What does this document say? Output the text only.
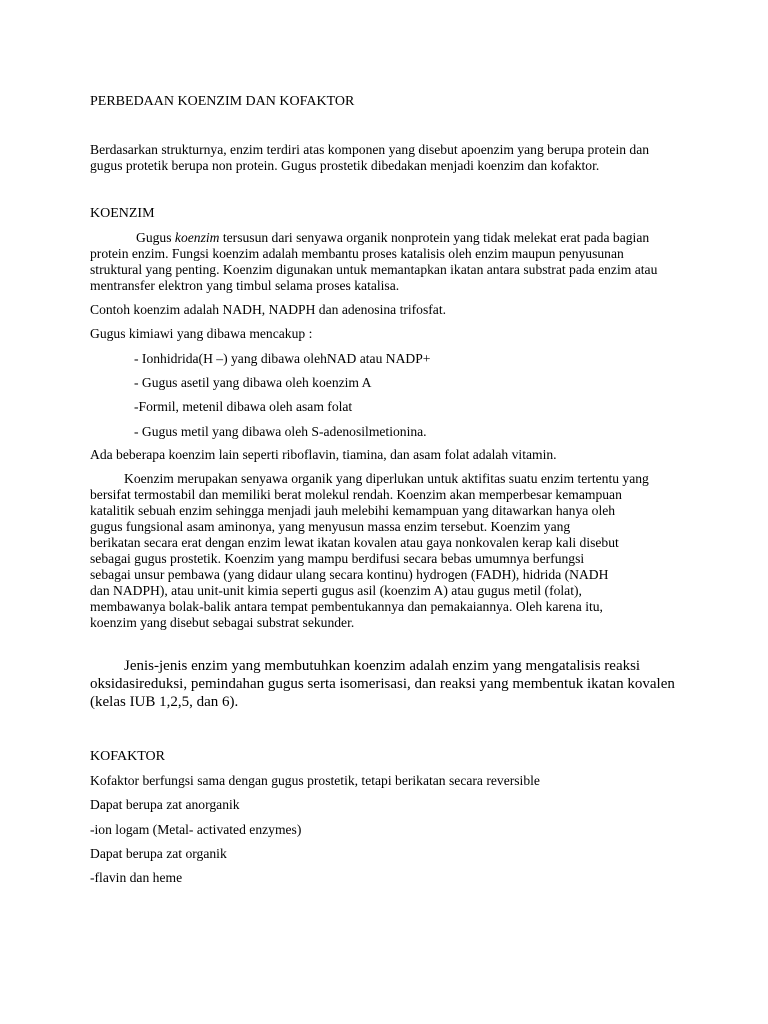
PERBEDAAN KOENZIM DAN KOFAKTOR
Berdasarkan strukturnya, enzim terdiri atas komponen yang disebut apoenzim yang berupa protein dan
gugus protetik berupa non protein. Gugus prostetik dibedakan menjadi koenzim dan kofaktor.
KOENZIM
Gugus koenzim tersusun dari senyawa organik nonprotein yang tidak melekat erat pada bagian
protein enzim. Fungsi koenzim adalah membantu proses katalisis oleh enzim maupun penyusunan
struktural yang penting. Koenzim digunakan untuk memantapkan ikatan antara substrat pada enzim atau
mentransfer elektron yang timbul selama proses katalisa.
Contoh koenzim adalah NADH, NADPH dan adenosina trifosfat.
Gugus kimiawi yang dibawa mencakup :
- Ionhidrida(H –) yang dibawa olehNAD atau NADP+
- Gugus asetil yang dibawa oleh koenzim A
-Formil, metenil dibawa oleh asam folat
- Gugus metil yang dibawa oleh S-adenosilmetionina.
Ada beberapa koenzim lain seperti riboflavin, tiamina, dan asam folat adalah vitamin.
Koenzim merupakan senyawa organik yang diperlukan untuk aktifitas suatu enzim tertentu yang
bersifat termostabil dan memiliki berat molekul rendah. Koenzim akan memperbesar kemampuan
katalitik sebuah enzim sehingga menjadi jauh melebihi kemampuan yang ditawarkan hanya oleh
gugus fungsional asam aminonya, yang menyusun massa enzim tersebut. Koenzim yang
berikatan secara erat dengan enzim lewat ikatan kovalen atau gaya nonkovalen kerap kali disebut
sebagai gugus prostetik. Koenzim yang mampu berdifusi secara bebas umumnya berfungsi
sebagai unsur pembawa (yang didaur ulang secara kontinu) hydrogen (FADH), hidrida (NADH
dan NADPH), atau unit-unit kimia seperti gugus asil (koenzim A) atau gugus metil (folat),
membawanya bolak-balik antara tempat pembentukannya dan pemakaiannya. Oleh karena itu,
koenzim yang disebut sebagai substrat sekunder.
Jenis-jenis enzim yang membutuhkan koenzim adalah enzim yang mengatalisis reaksi
oksidasireduksi, pemindahan gugus serta isomerisasi, dan reaksi yang membentuk ikatan kovalen
(kelas IUB 1,2,5, dan 6).
KOFAKTOR
Kofaktor berfungsi sama dengan gugus prostetik, tetapi berikatan secara reversible
Dapat berupa zat anorganik
-ion logam (Metal- activated enzymes)
Dapat berupa zat organik
-flavin dan heme
